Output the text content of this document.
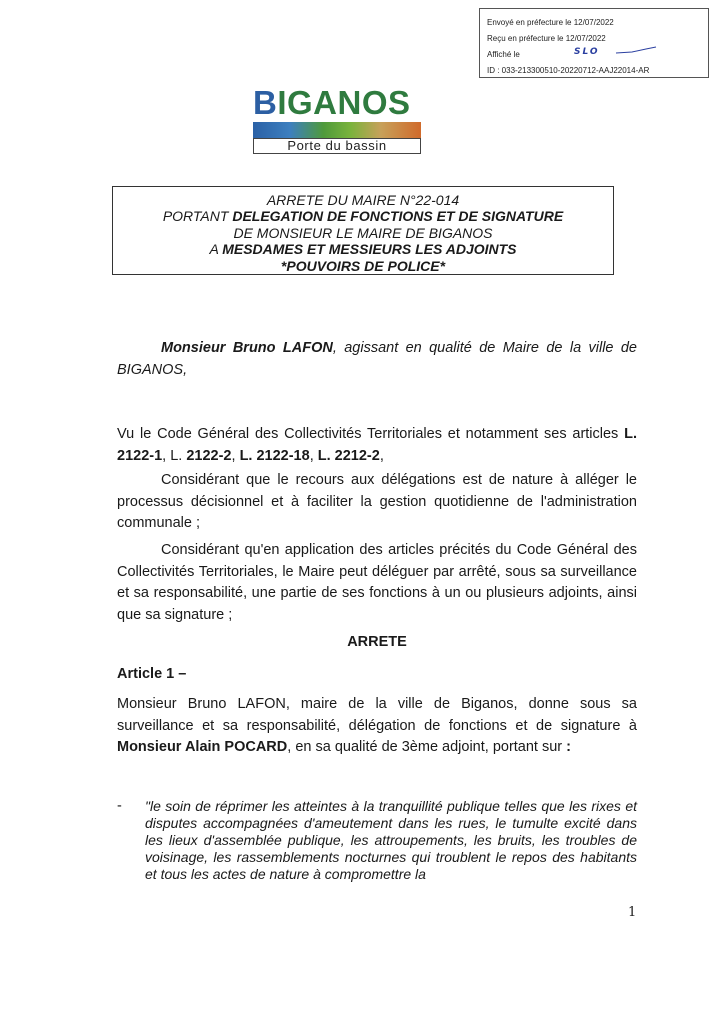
Envoyé en préfecture le 12/07/2022
Reçu en préfecture le 12/07/2022
Affiché le
ID : 033-213300510-20220712-AAJ22014-AR
SLO
BIGANOS
Porte du bassin
ARRETE DU MAIRE N°22-014
PORTANT DELEGATION DE FONCTIONS ET DE SIGNATURE
DE MONSIEUR LE MAIRE DE BIGANOS
A MESDAMES ET MESSIEURS LES ADJOINTS
*POUVOIRS DE POLICE*
Monsieur Bruno LAFON, agissant en qualité de Maire de la ville de BIGANOS,
Vu le Code Général des Collectivités Territoriales et notamment ses articles L. 2122-1, L. 2122-2, L. 2122-18, L. 2212-2,
Considérant que le recours aux délégations est de nature à alléger le processus décisionnel et à faciliter la gestion quotidienne de l'administration communale ;
Considérant qu'en application des articles précités du Code Général des Collectivités Territoriales, le Maire peut déléguer par arrêté, sous sa surveillance et sa responsabilité, une partie de ses fonctions à un ou plusieurs adjoints, ainsi que sa signature ;
ARRETE
Article 1 –
Monsieur Bruno LAFON, maire de la ville de Biganos, donne sous sa surveillance et sa responsabilité, délégation de fonctions et de signature à Monsieur Alain POCARD, en sa qualité de 3ème adjoint, portant sur :
- "le soin de réprimer les atteintes à la tranquillité publique telles que les rixes et disputes accompagnées d'ameutement dans les rues, le tumulte excité dans les lieux d'assemblée publique, les attroupements, les bruits, les troubles de voisinage, les rassemblements nocturnes qui troublent le repos des habitants et tous les actes de nature à compromettre la
1
